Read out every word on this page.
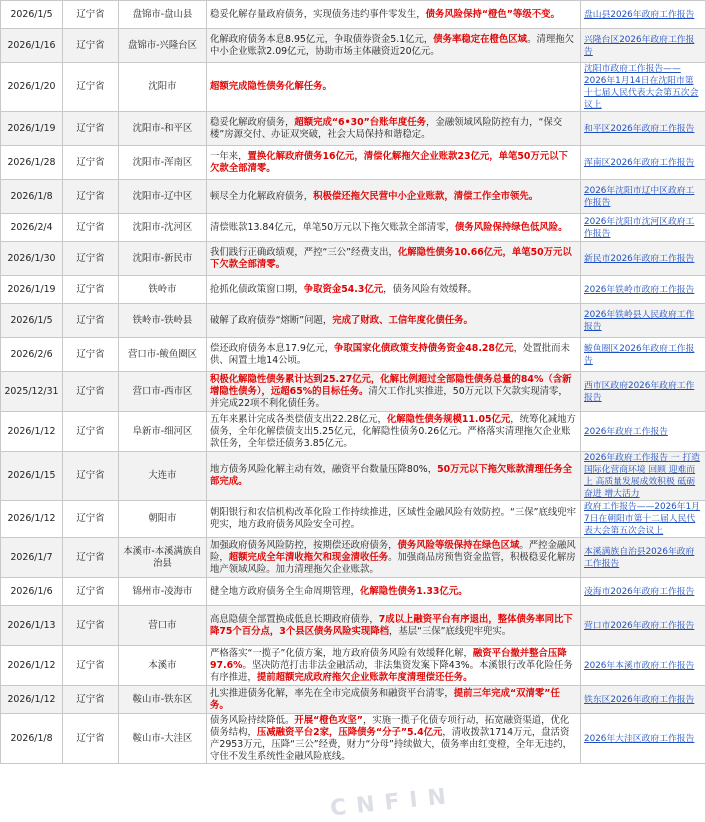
2026/1/5	辽宁省	盘锦市-盘山县	稳妥化解存量政府债务，实现债务违约事件零发生，债务风险保持“橙色”等级不变。	盘山县2026年政府工作报告
2026/1/16	辽宁省	盘锦市-兴隆台区	化解政府债务本息8.95亿元，争取债券资金5.1亿元，债务率稳定在橙色区域。清理拖欠中小企业账款2.09亿元，协助市场主体融资近20亿元。	兴隆台区2026年政府工作报告
2026/1/20	辽宁省	沈阳市	超额完成隐性债务化解任务。	沈阳市政府工作报告——2026年1月14日在沈阳市第十七届人民代表大会第五次会议上
2026/1/19	辽宁省	沈阳市-和平区	稳妥化解政府债务，超额完成“6•30”台账年度任务，金融领域风险防控有力，“保交楼”房源交付、办证双突破，社会大局保持和谐稳定。	和平区2026年政府工作报告
2026/1/28	辽宁省	沈阳市-浑南区	一年来，置换化解政府债务16亿元，清偿化解拖欠企业账款23亿元，单笔50万元以下欠款全部清零。	浑南区2026年政府工作报告
2026/1/8	辽宁省	沈阳市-辽中区	顿尽全力化解政府债务，积极偿还拖欠民营中小企业账款，清偿工作全市领先。	2026年沈阳市辽中区政府工作报告
2026/2/4	辽宁省	沈阳市-沈河区	清偿账款13.84亿元，单笔50万元以下拖欠账款全部清零，债务风险保持绿色低风险。	2026年沈阳市沈河区政府工作报告
2026/1/30	辽宁省	沈阳市-新民市	我们践行正确政绩观，严控“三公”经费支出，化解隐性债务10.66亿元，单笔50万元以下欠款全部清零。	新民市2026年政府工作报告
2026/1/19	辽宁省	铁岭市	抢抓化债政策窗口期，争取资金54.3亿元，债务风险有效缓释。	2026年铁岭市政府工作报告
2026/1/5	辽宁省	铁岭市-铁岭县	破解了政府债券“熔断”问题，完成了财政、工信年度化债任务。	2026年铁岭县人民政府工作报告
2026/2/6	辽宁省	营口市-鲅鱼圈区	偿还政府债务本息17.9亿元，争取国家化债政策支持债务资金48.28亿元，处置批而未供、闲置土地14公顷。	鲅鱼圈区2026年政府工作报告
2025/12/31	辽宁省	营口市-西市区	积极化解隐性债务累计达到25.27亿元，化解比例超过全部隐性债务总量的84%（含新增隐性债务），远超65%的目标任务。清欠工作扎实推进，50万元以下欠款实现清零，并完成22项不利化债任务。	西市区政府2026年政府工作报告
2026/1/12	辽宁省	阜新市-细河区	五年来累计完成各类偿债支出22.28亿元，化解隐性债务规模11.05亿元，统筹化减地方债务，全年化解偿债支出5.25亿元，化解隐性债务0.26亿元。严格落实清理拖欠企业账款任务，全年偿还债务3.85亿元。	2026年政府工作报告
2026/1/15	辽宁省	大连市	地方债务风险化解主动有效，融资平台数量压降80%，50万元以下拖欠账款清理任务全部完成。	2026年政府工作报告 一 打造国际化营商环境 回顾 迎难而上 高质量发展成效积极 砥砺奋进 增大活力
2026/1/12	辽宁省	朝阳市	朝阳银行和农信机构改革化险工作持续推进，区域性金融风险有效防控。“三保”底线兜牢兜实，地方政府债务风险安全可控。	政府工作报告——2026年1月7日在朝阳市第十二届人民代表大会第五次会议上
2026/1/7	辽宁省	本溪市-本溪满族自治县	加强政府债务风险防控，按期偿还政府债务，债务风险等级保持在绿色区域。严控金融风险，超额完成全年清收拖欠和现金清收任务。加强商品房预售资金监管，积极稳妥化解房地产领域风险。加力清理拖欠企业账款。	本溪满族自治县2026年政府工作报告
2026/1/6	辽宁省	锦州市-凌海市	健全地方政府债务全生命周期管理，化解隐性债务1.33亿元。	凌海市2026年政府工作报告
2026/1/13	辽宁省	营口市	高息隐债全部置换成低息长期政府债券，7成以上融资平台有序退出，整体债务率同比下降75个百分点，3个县区债务风险实现降档，基层“三保”底线兜牢兜实。	营口市2026年政府工作报告
2026/1/12	辽宁省	本溪市	严格落实“一揽子”化债方案，地方政府债务风险有效缓释化解，融资平台撤并整合压降97.6%。坚决防范打击非法金融活动，非法集资发案下降43%。本溪银行改革化险任务有序推进，提前超额完成政府拖欠企业账款年度清理偿还任务。	2026年本溪市政府工作报告
2026/1/12	辽宁省	鞍山市-铁东区	扎实推进债务化解，率先在全市完成债务和融资平台清零，提前三年完成“双清零”任务。	铁东区2026年政府工作报告
2026/1/8	辽宁省	鞍山市-大洼区	债务风险持续降低。开展“橙色攻坚”，实施一揽子化债专项行动，拓宽融资渠道，优化债务结构，压减融资平台2家，压降债务“分子”5.4亿元，清收拨款1714万元，盘活资产2953万元，压降“三公”经费，财力“分母”持续做大，债务率由红变橙，全年无违约，守住不发生系统性金融风险底线。	2026年大洼区政府工作报告
CNFIN
